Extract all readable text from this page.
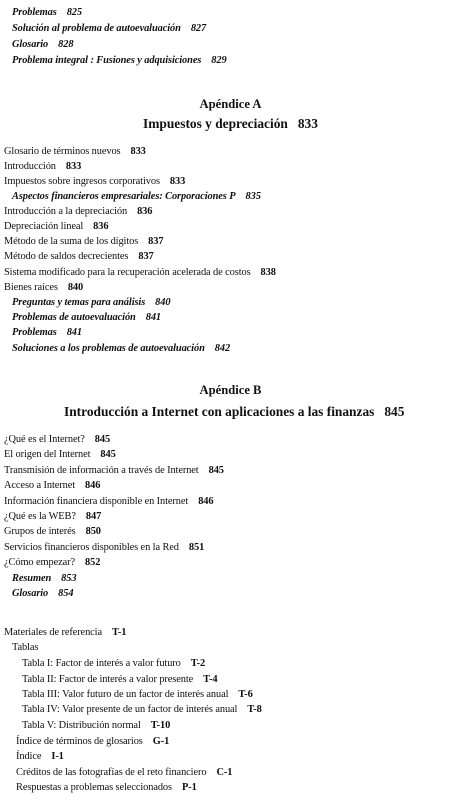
Problemas 825
Solución al problema de autoevaluación 827
Glosario 828
Problema integral : Fusiones y adquisiciones 829
Apéndice A
Impuestos y depreciación 833
Glosario de términos nuevos 833
Introducción 833
Impuestos sobre ingresos corporativos 833
Aspectos financieros empresariales: Corporaciones P 835
Introducción a la depreciación 836
Depreciación lineal 836
Método de la suma de los dígitos 837
Método de saldos decrecientes 837
Sistema modificado para la recuperación acelerada de costos 838
Bienes raíces 840
Preguntas y temas para análisis 840
Problemas de autoevaluación 841
Problemas 841
Soluciones a los problemas de autoevaluación 842
Apéndice B
Introducción a Internet con aplicaciones a las finanzas 845
¿Qué es el Internet? 845
El origen del Internet 845
Transmisión de información a través de Internet 845
Acceso a Internet 846
Información financiera disponible en Internet 846
¿Qué es la WEB? 847
Grupos de interés 850
Servicios financieros disponibles en la Red 851
¿Cómo empezar? 852
Resumen 853
Glosario 854
Materiales de referencia T-1
Tablas
Tabla I: Factor de interés a valor futuro T-2
Tabla II: Factor de interés a valor presente T-4
Tabla III: Valor futuro de un factor de interés anual T-6
Tabla IV: Valor presente de un factor de interés anual T-8
Tabla V: Distribución normal T-10
Índice de términos de glosarios G-1
Índice I-1
Créditos de las fotografías de el reto financiero C-1
Respuestas a problemas seleccionados P-1
